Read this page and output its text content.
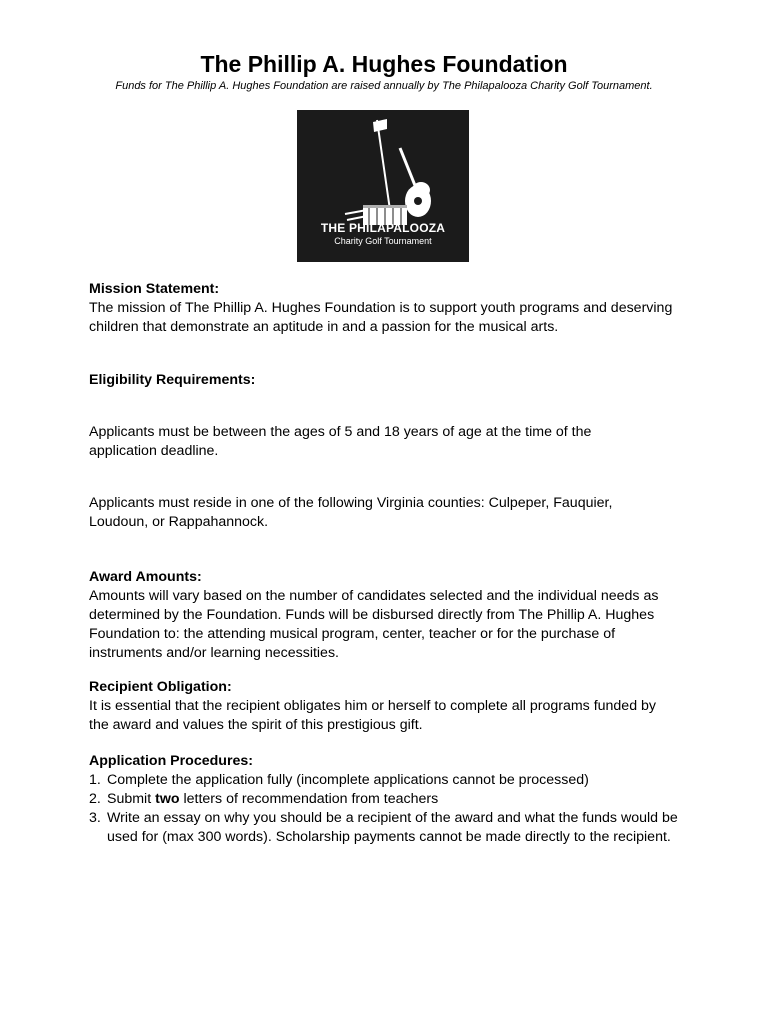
The Phillip A. Hughes Foundation
Funds for The Phillip A. Hughes Foundation are raised annually by The Philapalooza Charity Golf Tournament.
THE PHILAPALOOZA
Charity Golf Tournament
Mission Statement:

The mission of The Phillip A. Hughes Foundation is to support youth programs and deserving children that demonstrate an aptitude in and a passion for the musical arts.

Eligibility Requirements:
Applicants must be between the ages of 5 and 18 years of age at the time of the application deadline.
Applicants must reside in one of the following Virginia counties: Culpeper, Fauquier, Loudoun, or Rappahannock.
Award Amounts:

Amounts will vary based on the number of candidates selected and the individual needs as determined by the Foundation. Funds will be disbursed directly from The Phillip A. Hughes Foundation to: the attending musical program, center, teacher or for the purchase of instruments and/or learning necessities.

Recipient Obligation:

It is essential that the recipient obligates him or herself to complete all programs funded by the award and values the spirit of this prestigious gift.

Application Procedures:
1. Complete the application fully (incomplete applications cannot be processed)
2. Submit two letters of recommendation from teachers
3. Write an essay on why you should be a recipient of the award and what the funds would be used for (max 300 words). Scholarship payments cannot be made directly to the recipient.
